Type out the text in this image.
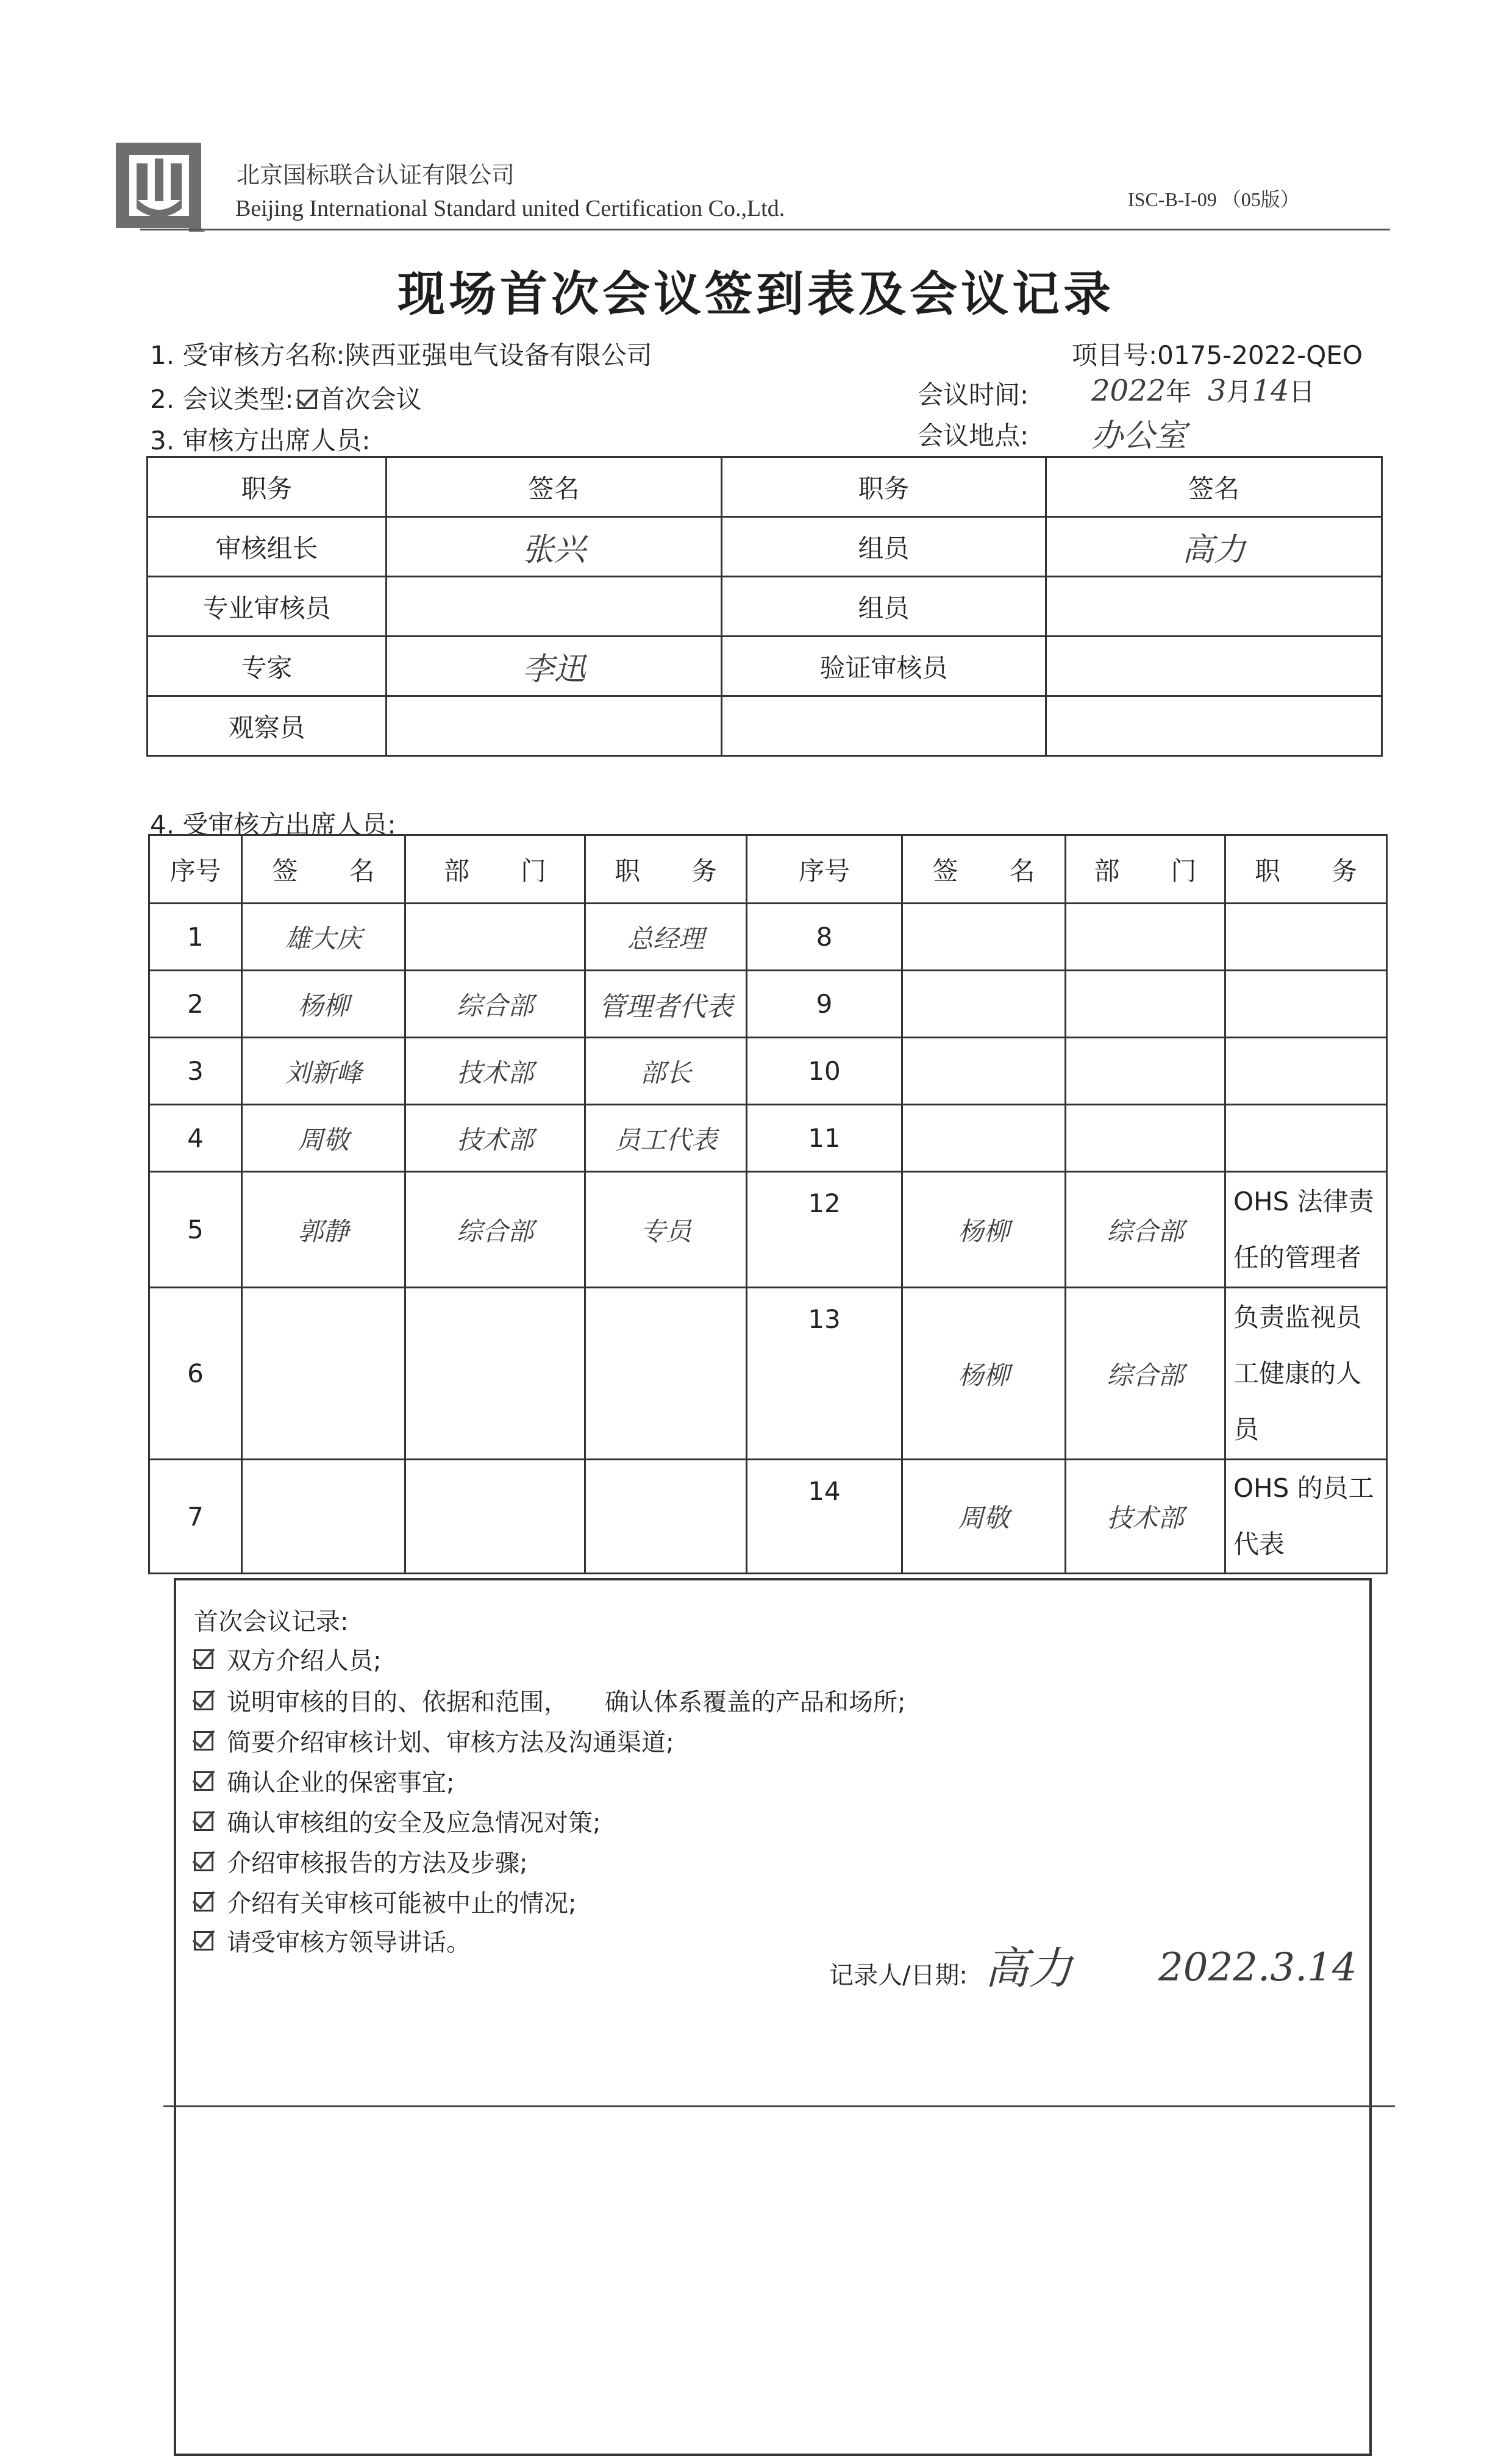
北京国标联合认证有限公司
Beijing International Standard united Certification Co.,Ltd.	ISC-B-I-09 （05版）
现场首次会议签到表及会议记录
1. 受审核方名称:陕西亚强电气设备有限公司	项目号:0175-2022-QEO
2. 会议类型: 首次会议	会议时间: 2022年 3月14日
3. 审核方出席人员:	会议地点: 办公室
职务	签名	职务	签名
审核组长	张兴	组员	高力
专业审核员		组员	
专家	李迅	验证审核员	
观察员			
4. 受审核方出席人员:
序号	签　　名	部　　门	职　　务	序号	签　　名	部　　门	职　　务
1	雄大庆		总经理	8			
2	杨柳	综合部	管理者代表	9			
3	刘新峰	技术部	部长	10			
4	周敬	技术部	员工代表	11			
5	郭静	综合部	专员	12	杨柳	综合部	OHS 法律责任的管理者
6				13	杨柳	综合部	负责监视员工健康的人员
7				14	周敬	技术部	OHS 的员工代表
首次会议记录:
双方介绍人员;
说明审核的目的、依据和范围，　　确认体系覆盖的产品和场所;
简要介绍审核计划、审核方法及沟通渠道;
确认企业的保密事宜;
确认审核组的安全及应急情况对策;
介绍审核报告的方法及步骤;
介绍有关审核可能被中止的情况;
请受审核方领导讲话。
记录人/日期: 高力 2022.3.14
